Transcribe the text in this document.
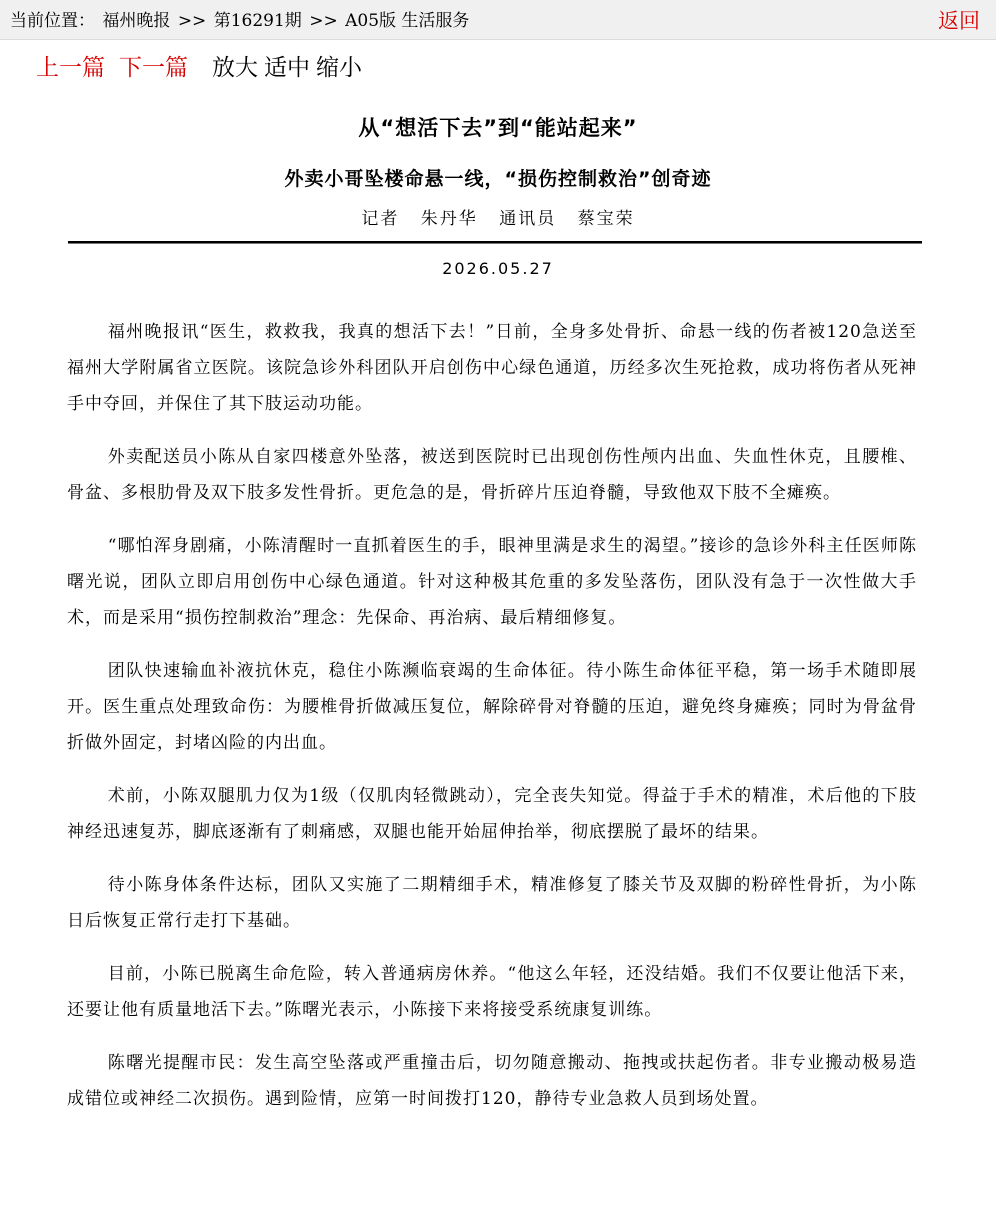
当前位置： 福州晚报 >> 第16291期 >> A05版 生活服务	返回
上一篇 下一篇 放大 适中 缩小
从“想活下去”到“能站起来”
外卖小哥坠楼命悬一线，“损伤控制救治”创奇迹
记者 朱丹华 通讯员 蔡宝荣
2026.05.27

福州晚报讯“医生，救救我，我真的想活下去！”日前，全身多处骨折、命悬一线的伤者被120急送至福州大学附属省立医院。该院急诊外科团队开启创伤中心绿色通道，历经多次生死抢救，成功将伤者从死神手中夺回，并保住了其下肢运动功能。

外卖配送员小陈从自家四楼意外坠落，被送到医院时已出现创伤性颅内出血、失血性休克，且腰椎、骨盆、多根肋骨及双下肢多发性骨折。更危急的是，骨折碎片压迫脊髓，导致他双下肢不全瘫痪。

“哪怕浑身剧痛，小陈清醒时一直抓着医生的手，眼神里满是求生的渴望。”接诊的急诊外科主任医师陈曙光说，团队立即启用创伤中心绿色通道。针对这种极其危重的多发坠落伤，团队没有急于一次性做大手术，而是采用“损伤控制救治”理念：先保命、再治病、最后精细修复。

团队快速输血补液抗休克，稳住小陈濒临衰竭的生命体征。待小陈生命体征平稳，第一场手术随即展开。医生重点处理致命伤：为腰椎骨折做减压复位，解除碎骨对脊髓的压迫，避免终身瘫痪；同时为骨盆骨折做外固定，封堵凶险的内出血。

术前，小陈双腿肌力仅为1级（仅肌肉轻微跳动），完全丧失知觉。得益于手术的精准，术后他的下肢神经迅速复苏，脚底逐渐有了刺痛感，双腿也能开始屈伸抬举，彻底摆脱了最坏的结果。

待小陈身体条件达标，团队又实施了二期精细手术，精准修复了膝关节及双脚的粉碎性骨折，为小陈日后恢复正常行走打下基础。

目前，小陈已脱离生命危险，转入普通病房休养。“他这么年轻，还没结婚。我们不仅要让他活下来，还要让他有质量地活下去。”陈曙光表示，小陈接下来将接受系统康复训练。

陈曙光提醒市民：发生高空坠落或严重撞击后，切勿随意搬动、拖拽或扶起伤者。非专业搬动极易造成错位或神经二次损伤。遇到险情，应第一时间拨打120，静待专业急救人员到场处置。
